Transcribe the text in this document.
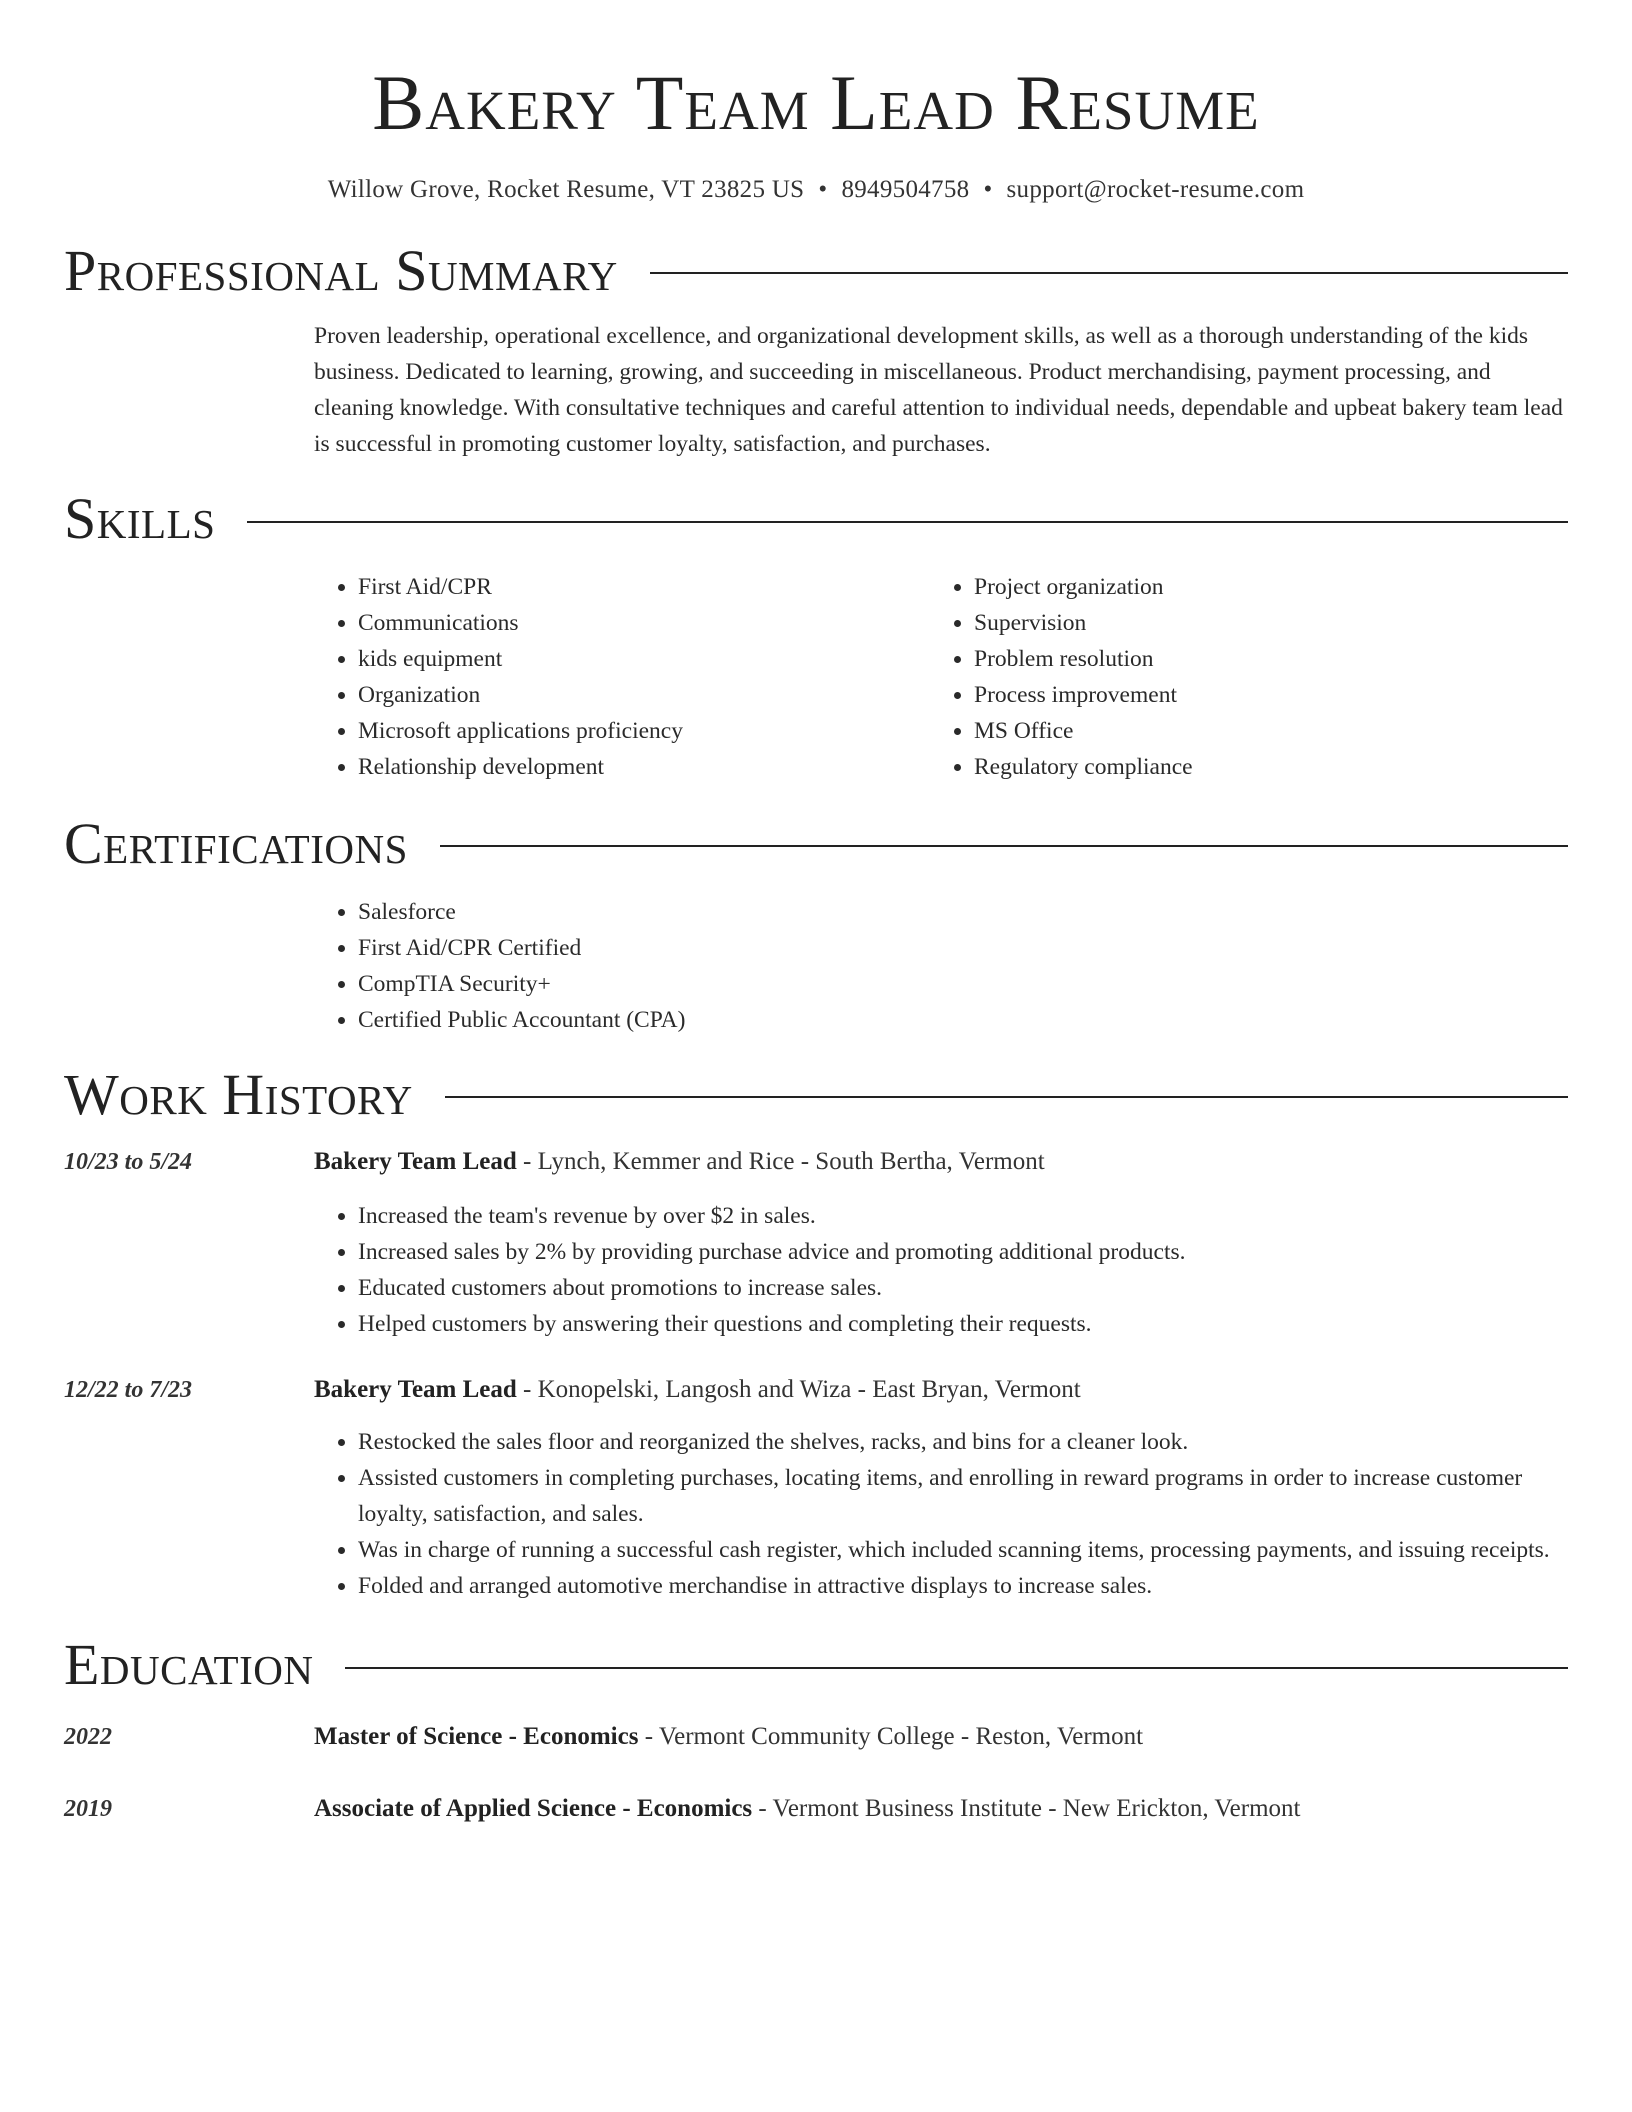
Bakery Team Lead Resume
Willow Grove, Rocket Resume, VT 23825 US • 8949504758 • support@rocket-resume.com
Professional Summary
Proven leadership, operational excellence, and organizational development skills, as well as a thorough understanding of the kids business. Dedicated to learning, growing, and succeeding in miscellaneous. Product merchandising, payment processing, and cleaning knowledge. With consultative techniques and careful attention to individual needs, dependable and upbeat bakery team lead is successful in promoting customer loyalty, satisfaction, and purchases.
Skills
• First Aid/CPR
• Communications
• kids equipment
• Organization
• Microsoft applications proficiency
• Relationship development
• Project organization
• Supervision
• Problem resolution
• Process improvement
• MS Office
• Regulatory compliance
Certifications
• Salesforce
• First Aid/CPR Certified
• CompTIA Security+
• Certified Public Accountant (CPA)
Work History
10/23 to 5/24	Bakery Team Lead - Lynch, Kemmer and Rice - South Bertha, Vermont
• Increased the team's revenue by over $2 in sales.
• Increased sales by 2% by providing purchase advice and promoting additional products.
• Educated customers about promotions to increase sales.
• Helped customers by answering their questions and completing their requests.
12/22 to 7/23	Bakery Team Lead - Konopelski, Langosh and Wiza - East Bryan, Vermont
• Restocked the sales floor and reorganized the shelves, racks, and bins for a cleaner look.
• Assisted customers in completing purchases, locating items, and enrolling in reward programs in order to increase customer loyalty, satisfaction, and sales.
• Was in charge of running a successful cash register, which included scanning items, processing payments, and issuing receipts.
• Folded and arranged automotive merchandise in attractive displays to increase sales.
Education
2022	Master of Science - Economics - Vermont Community College - Reston, Vermont
2019	Associate of Applied Science - Economics - Vermont Business Institute - New Erickton, Vermont
